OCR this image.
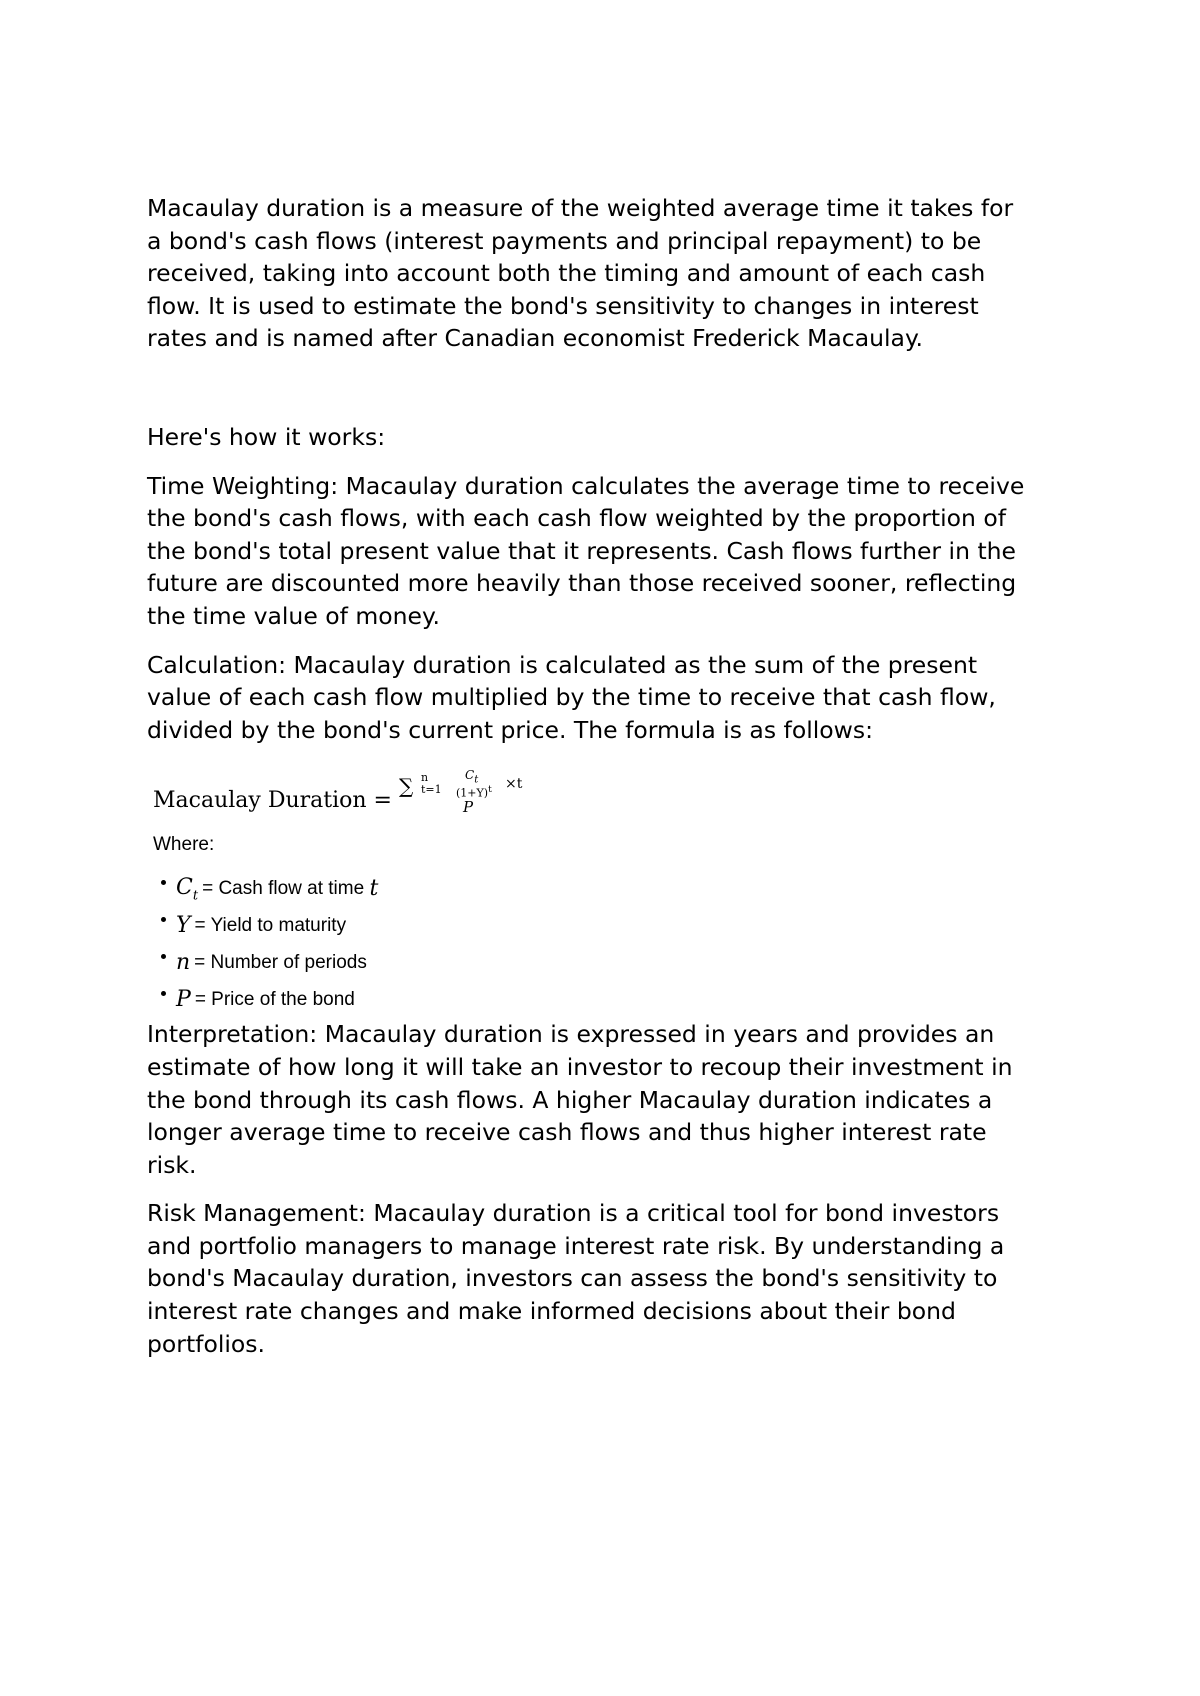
Macaulay duration is a measure of the weighted average time it takes for
a bond's cash flows (interest payments and principal repayment) to be
received, taking into account both the timing and amount of each cash
flow. It is used to estimate the bond's sensitivity to changes in interest
rates and is named after Canadian economist Frederick Macaulay.

Here's how it works:

Time Weighting: Macaulay duration calculates the average time to receive
the bond's cash flows, with each cash flow weighted by the proportion of
the bond's total present value that it represents. Cash flows further in the
future are discounted more heavily than those received sooner, reflecting
the time value of money.

Calculation: Macaulay duration is calculated as the sum of the present
value of each cash flow multiplied by the time to receive that cash flow,
divided by the bond's current price. The formula is as follows:

Macaulay Duration =
∑ n
t=1
$C_t$
$(1+Y)^t \times t$
P
Where:
$C_t$ = Cash flow at time t
Y = Yield to maturity
n = Number of periods
P = Price of the bond

Interpretation: Macaulay duration is expressed in years and provides an
estimate of how long it will take an investor to recoup their investment in
the bond through its cash flows. A higher Macaulay duration indicates a
longer average time to receive cash flows and thus higher interest rate
risk.

Risk Management: Macaulay duration is a critical tool for bond investors
and portfolio managers to manage interest rate risk. By understanding a
bond's Macaulay duration, investors can assess the bond's sensitivity to
interest rate changes and make informed decisions about their bond
portfolios.
